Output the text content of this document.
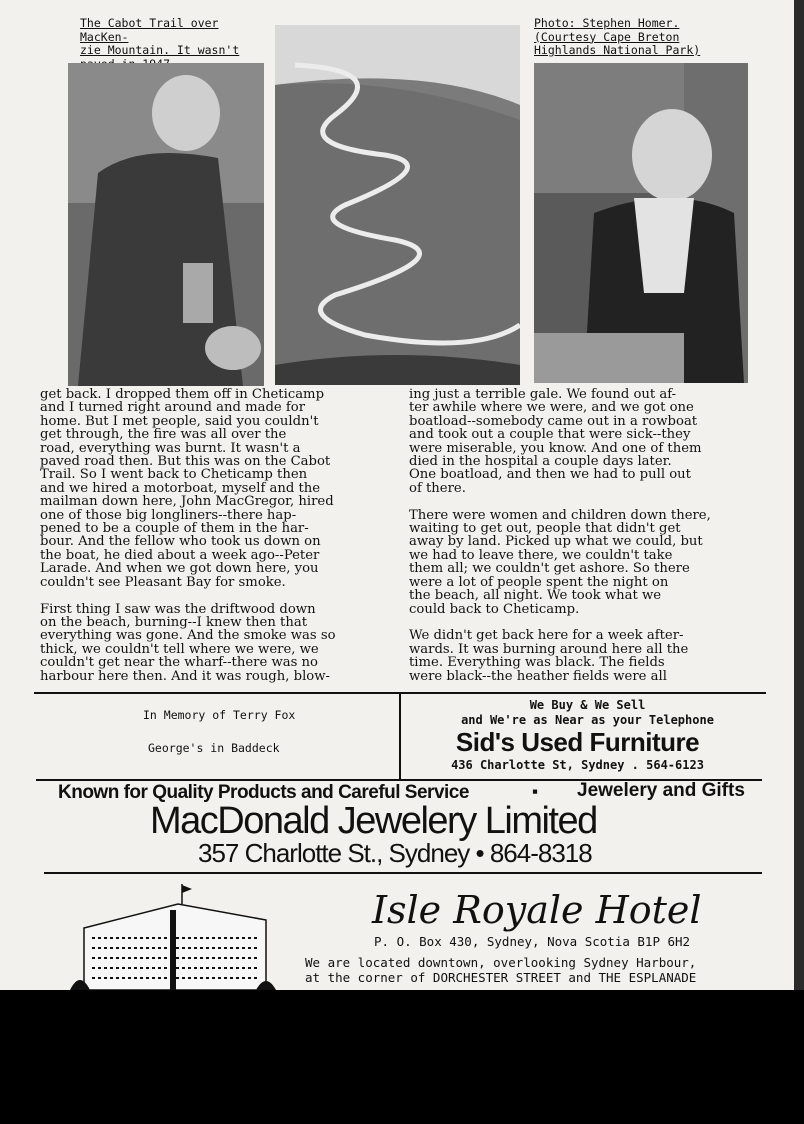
The Cabot Trail over MacKen-
zie Mountain. It wasn't

Photo: Stephen Homer.
(Courtesy Cape Breton
Highlands National Park)
get back. I dropped them off in Cheticamp
and I turned right around and made for
home. But I met people, said you couldn't
get through, the fire was all over the
road, everything was burnt. It wasn't a
paved road then. But this was on the Cabot
Trail. So I went back to Cheticamp then
and we hired a motorboat, myself and the
mailman down here, John MacGregor, hired
one of those big longliners--there hap-
pened to be a couple of them in the har-
bour. And the fellow who took us down on
the boat, he died about a week ago--Peter
Larade. And when we got down here, you
couldn't see Pleasant Bay for smoke.

First thing I saw was the driftwood down
on the beach, burning--I knew then that
everything was gone. And the smoke was so
thick, we couldn't tell where we were, we
couldn't get near the wharf--there was no
harbour here then. And it was rough, blow-
ing just a terrible gale. We found out af-
ter awhile where we were, and we got one
boatload--somebody came out in a rowboat
and took out a couple that were sick--they
were miserable, you know. And one of them
died in the hospital a couple days later.
One boatload, and then we had to pull out
of there.

There were women and children down there,
waiting to get out, people that didn't get
away by land. Picked up what we could, but
we had to leave there, we couldn't take
them all; we couldn't get ashore. So there
were a lot of people spent the night on
the beach, all night. We took what we
could back to Cheticamp.

We didn't get back here for a week after-
wards. It was burning around here all the
time. Everything was black. The fields
were black--the heather fields were all
In Memory of Terry Fox
George's in Baddeck
We Buy & We Sell
and We're as Near as your Telephone
Sid's Used Furniture
436 Charlotte St, Sydney . 564-6123
Known for Quality Products and Careful Service	▪ Jewelery and Gifts
MacDonald Jewelery Limited
357 Charlotte St., Sydney • 864-8318
Isle Royale Hotel
P. O. Box 430, Sydney, Nova Scotia B1P 6H2
We are located downtown, overlooking Sydney Harbour,
at the corner of DORCHESTER STREET and THE ESPLANADE
